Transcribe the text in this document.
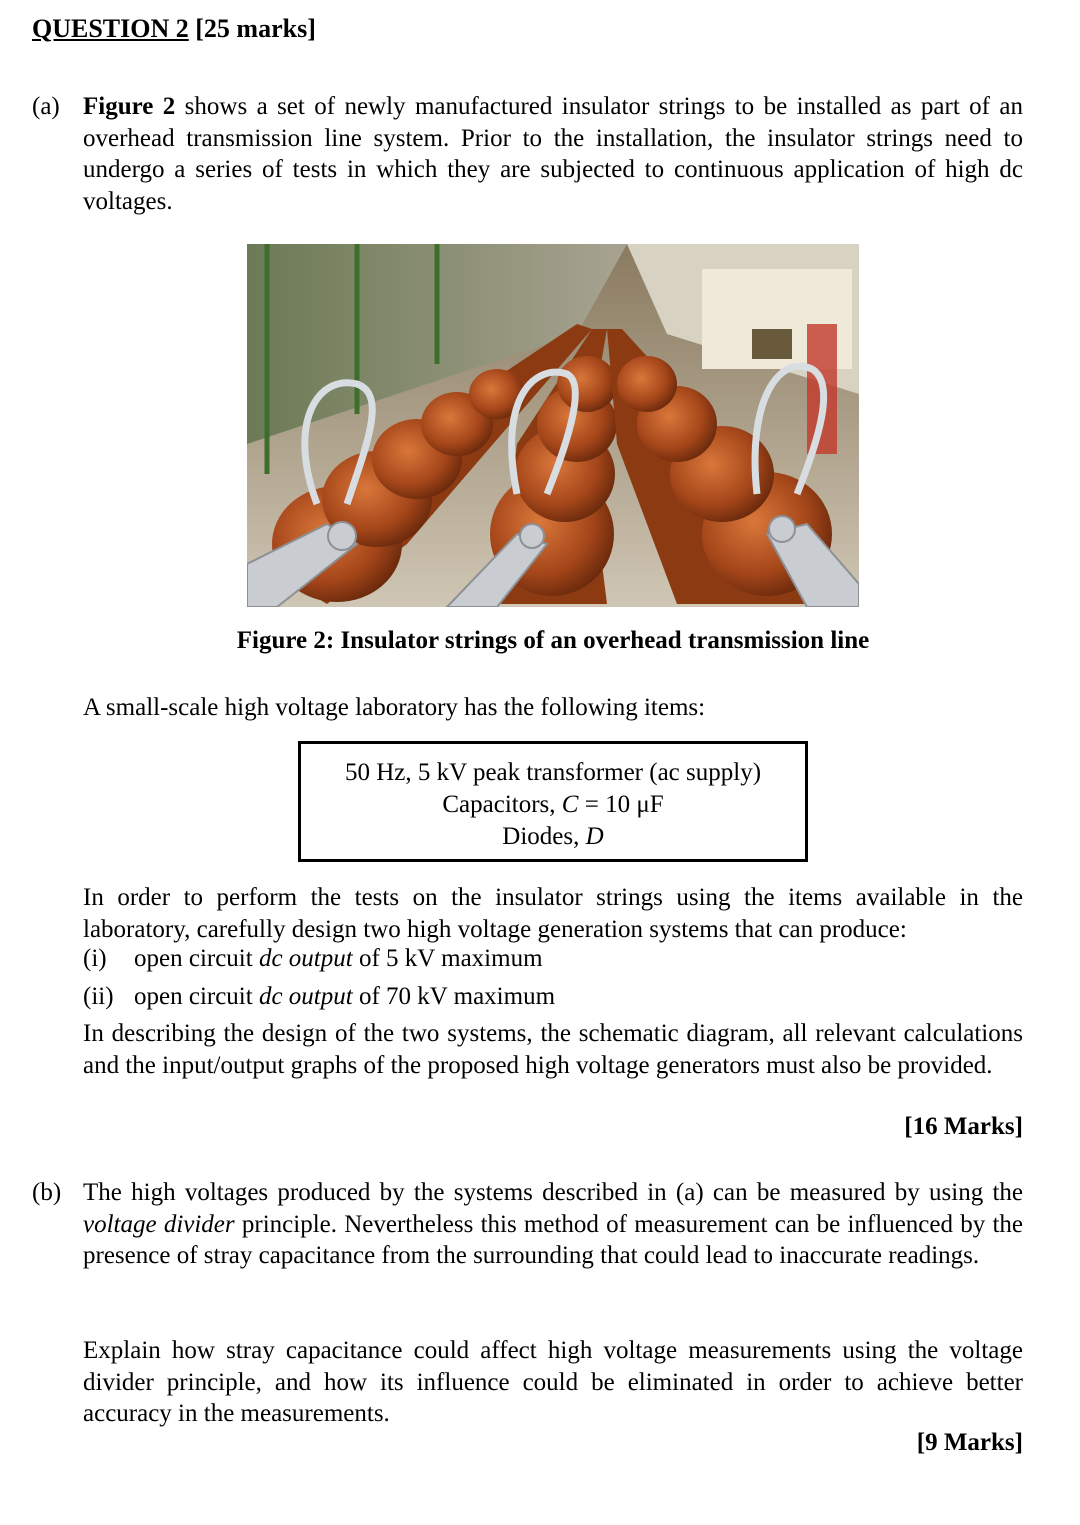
QUESTION 2 [25 marks]
(a) Figure 2 shows a set of newly manufactured insulator strings to be installed as part of an overhead transmission line system. Prior to the installation, the insulator strings need to undergo a series of tests in which they are subjected to continuous application of high dc voltages.
Figure 2: Insulator strings of an overhead transmission line
A small-scale high voltage laboratory has the following items:
50 Hz, 5 kV peak transformer (ac supply)
Capacitors, C = 10 μF
Diodes, D
In order to perform the tests on the insulator strings using the items available in the laboratory, carefully design two high voltage generation systems that can produce:
(i) open circuit dc output of 5 kV maximum
(ii) open circuit dc output of 70 kV maximum
In describing the design of the two systems, the schematic diagram, all relevant calculations and the input/output graphs of the proposed high voltage generators must also be provided.
[16 Marks]
(b) The high voltages produced by the systems described in (a) can be measured by using the voltage divider principle. Nevertheless this method of measurement can be influenced by the presence of stray capacitance from the surrounding that could lead to inaccurate readings.
Explain how stray capacitance could affect high voltage measurements using the voltage divider principle, and how its influence could be eliminated in order to achieve better accuracy in the measurements.
[9 Marks]
